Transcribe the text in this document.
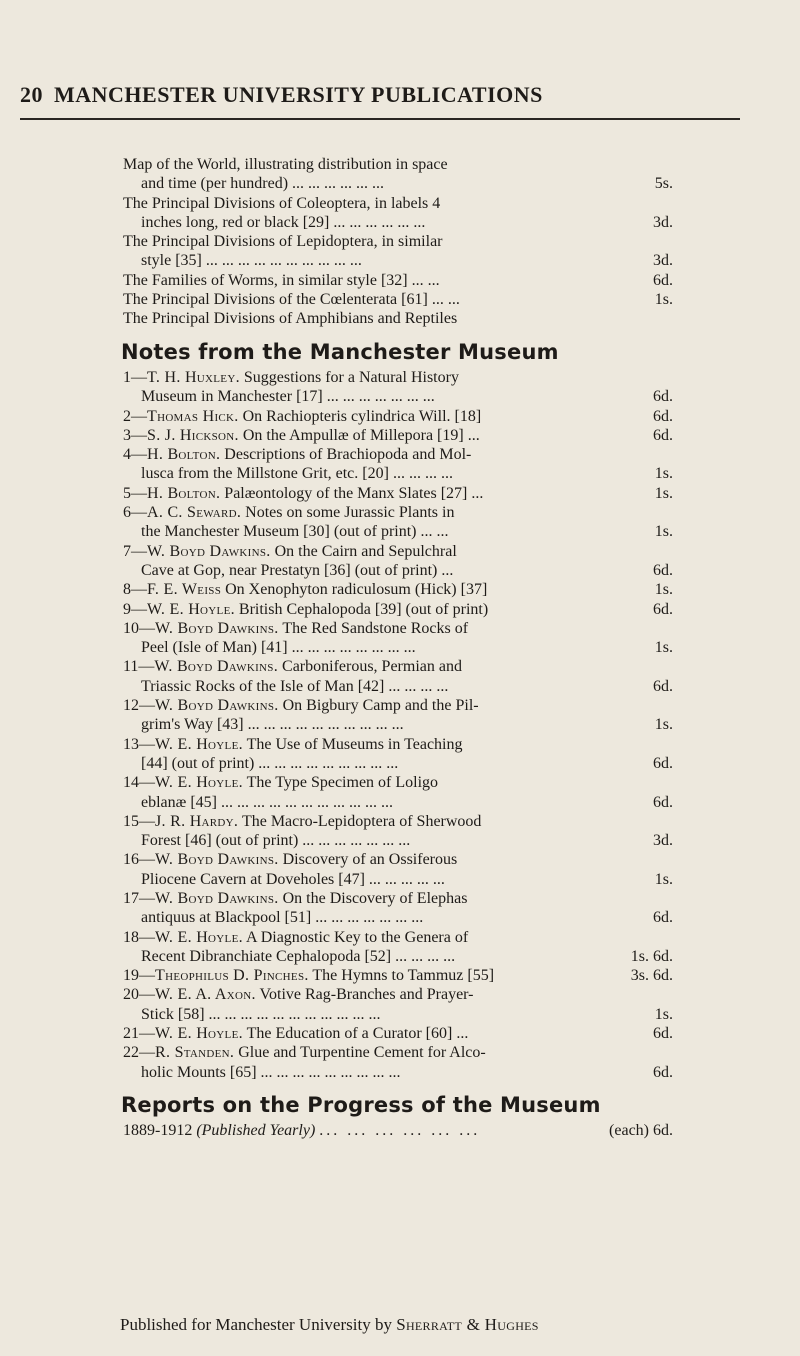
20 MANCHESTER UNIVERSITY PUBLICATIONS
Map of the World, illustrating distribution in space
and time (per hundred) ... ... ... ... ... ...	5s.
The Principal Divisions of Coleoptera, in labels 4
inches long, red or black [29] ... ... ... ... ... ...	3d.
The Principal Divisions of Lepidoptera, in similar
style [35] ... ... ... ... ... ... ... ... ... ...	3d.
The Families of Worms, in similar style [32] ... ...	6d.
The Principal Divisions of the Cœlenterata [61] ... ...	1s.
The Principal Divisions of Amphibians and Reptiles
Notes from the Manchester Museum
1—T. H. Huxley. Suggestions for a Natural History
Museum in Manchester [17] ... ... ... ... ... ... ...	6d.
2—Thomas Hick. On Rachiopteris cylindrica Will. [18]	6d.
3—S. J. Hickson. On the Ampullæ of Millepora [19] ...	6d.
4—H. Bolton. Descriptions of Brachiopoda and Mol-
lusca from the Millstone Grit, etc. [20] ... ... ... ...	1s.
5—H. Bolton. Palæontology of the Manx Slates [27] ...	1s.
6—A. C. Seward. Notes on some Jurassic Plants in
the Manchester Museum [30] (out of print) ... ...	1s.
7—W. Boyd Dawkins. On the Cairn and Sepulchral
Cave at Gop, near Prestatyn [36] (out of print) ...	6d.
8—F. E. Weiss On Xenophyton radiculosum (Hick) [37]	1s.
9—W. E. Hoyle. British Cephalopoda [39] (out of print)	6d.
10—W. Boyd Dawkins. The Red Sandstone Rocks of
Peel (Isle of Man) [41] ... ... ... ... ... ... ... ...	1s.
11—W. Boyd Dawkins. Carboniferous, Permian and
Triassic Rocks of the Isle of Man [42] ... ... ... ...	6d.
12—W. Boyd Dawkins. On Bigbury Camp and the Pil-
grim's Way [43] ... ... ... ... ... ... ... ... ... ...	1s.
13—W. E. Hoyle. The Use of Museums in Teaching
[44] (out of print) ... ... ... ... ... ... ... ... ...	6d.
14—W. E. Hoyle. The Type Specimen of Loligo
eblanæ [45] ... ... ... ... ... ... ... ... ... ... ...	6d.
15—J. R. Hardy. The Macro-Lepidoptera of Sherwood
Forest [46] (out of print) ... ... ... ... ... ... ...	3d.
16—W. Boyd Dawkins. Discovery of an Ossiferous
Pliocene Cavern at Doveholes [47] ... ... ... ... ...	1s.
17—W. Boyd Dawkins. On the Discovery of Elephas
antiquus at Blackpool [51] ... ... ... ... ... ... ...	6d.
18—W. E. Hoyle. A Diagnostic Key to the Genera of
Recent Dibranchiate Cephalopoda [52] ... ... ... ...	1s. 6d.
19—Theophilus D. Pinches. The Hymns to Tammuz [55]	3s. 6d.
20—W. E. A. Axon. Votive Rag-Branches and Prayer-
Stick [58] ... ... ... ... ... ... ... ... ... ... ...	1s.
21—W. E. Hoyle. The Education of a Curator [60] ...	6d.
22—R. Standen. Glue and Turpentine Cement for Alco-
holic Mounts [65] ... ... ... ... ... ... ... ... ...	6d.
Reports on the Progress of the Museum
1889-1912 (Published Yearly) ... ... ... ... ... ...	(each) 6d.
Published for Manchester University by Sherratt & Hughes
